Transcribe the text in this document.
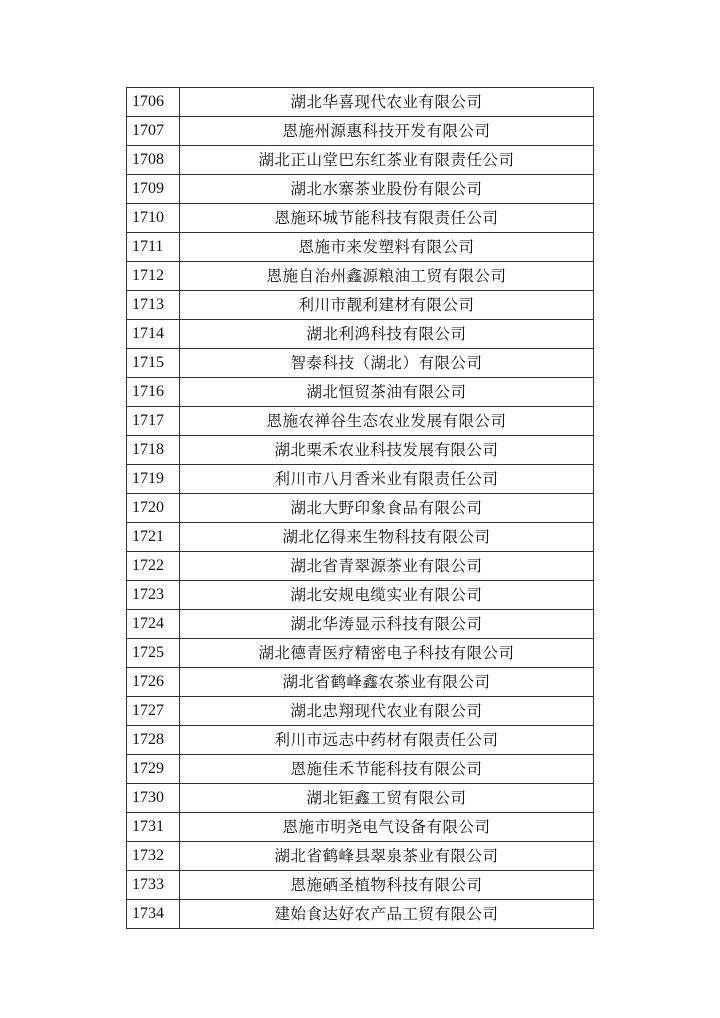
1706	湖北华喜现代农业有限公司
1707	恩施州源惠科技开发有限公司
1708	湖北正山堂巴东红茶业有限责任公司
1709	湖北水寨茶业股份有限公司
1710	恩施环城节能科技有限责任公司
1711	恩施市来发塑料有限公司
1712	恩施自治州鑫源粮油工贸有限公司
1713	利川市靓利建材有限公司
1714	湖北利鸿科技有限公司
1715	智泰科技（湖北）有限公司
1716	湖北恒贸茶油有限公司
1717	恩施农禅谷生态农业发展有限公司
1718	湖北栗禾农业科技发展有限公司
1719	利川市八月香米业有限责任公司
1720	湖北大野印象食品有限公司
1721	湖北亿得来生物科技有限公司
1722	湖北省青翠源茶业有限公司
1723	湖北安规电缆实业有限公司
1724	湖北华涛显示科技有限公司
1725	湖北德青医疗精密电子科技有限公司
1726	湖北省鹤峰鑫农茶业有限公司
1727	湖北忠翔现代农业有限公司
1728	利川市远志中药材有限责任公司
1729	恩施佳禾节能科技有限公司
1730	湖北钜鑫工贸有限公司
1731	恩施市明尧电气设备有限公司
1732	湖北省鹤峰县翠泉茶业有限公司
1733	恩施硒圣植物科技有限公司
1734	建始食达好农产品工贸有限公司
